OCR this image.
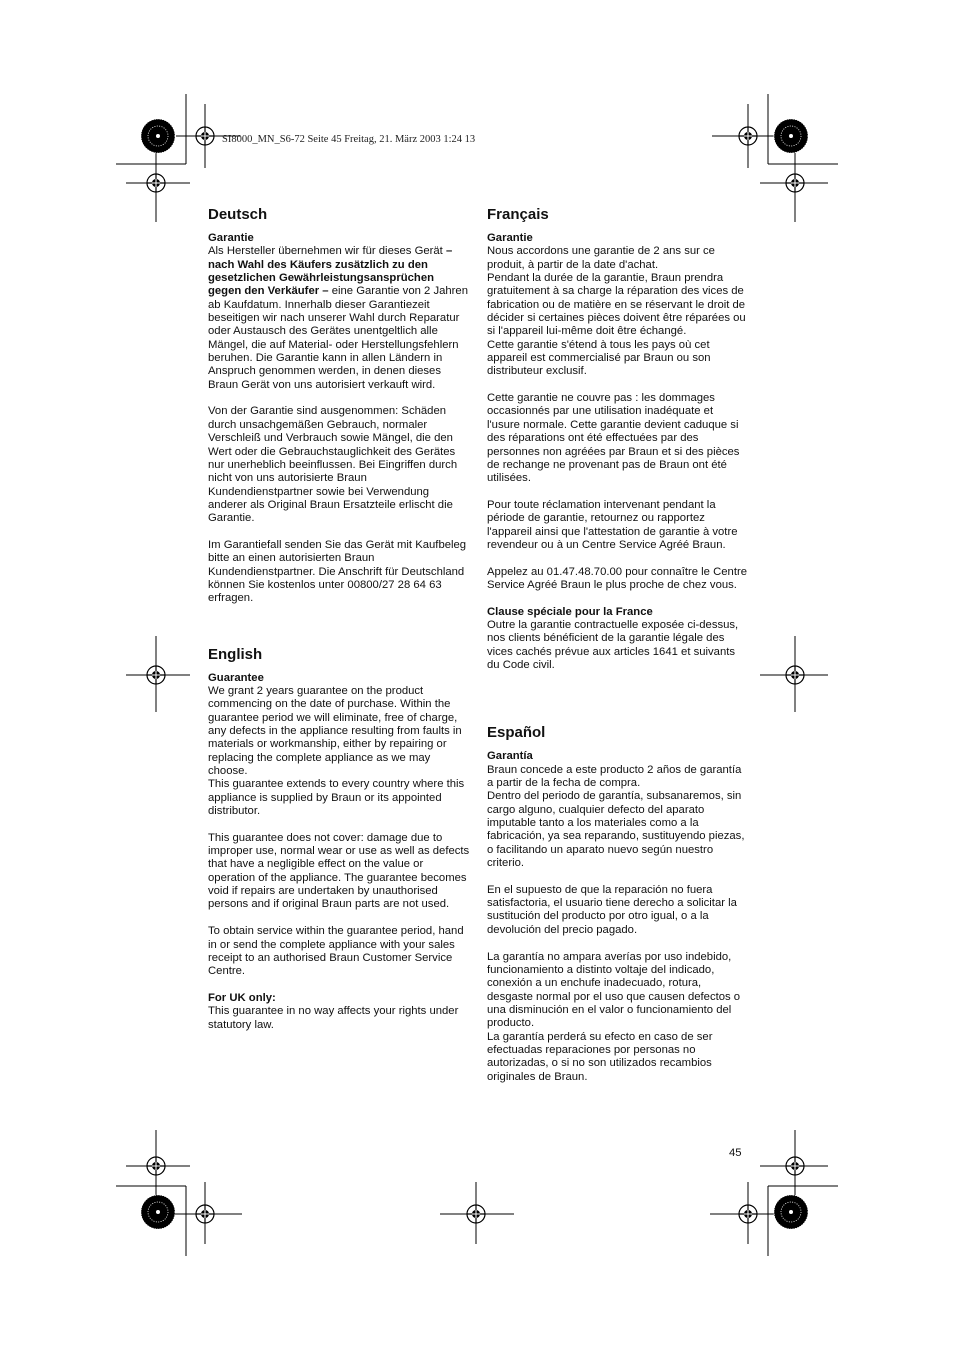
SI8000_MN_S6-72 Seite 45 Freitag, 21. März 2003 1:24 13
Deutsch
Garantie

Als Hersteller übernehmen wir für dieses Gerät – nach Wahl des Käufers zusätzlich zu den gesetzlichen Gewährleistungsansprüchen gegen den Verkäufer – eine Garantie von 2 Jahren ab Kaufdatum. Innerhalb dieser Garantiezeit beseitigen wir nach unserer Wahl durch Reparatur oder Austausch des Gerätes unentgeltlich alle Mängel, die auf Material- oder Herstellungsfehlern beruhen. Die Garantie kann in allen Ländern in Anspruch genommen werden, in denen dieses Braun Gerät von uns autorisiert verkauft wird.

Von der Garantie sind ausgenommen: Schäden durch unsachgemäßen Gebrauch, normaler Verschleiß und Verbrauch sowie Mängel, die den Wert oder die Gebrauchstauglichkeit des Gerätes nur unerheblich beeinflussen. Bei Eingriffen durch nicht von uns autorisierte Braun Kundendienstpartner sowie bei Verwendung anderer als Original Braun Ersatzteile erlischt die Garantie.

Im Garantiefall senden Sie das Gerät mit Kaufbeleg bitte an einen autorisierten Braun Kundendienstpartner. Die Anschrift für Deutschland können Sie kostenlos unter 00800/27 28 64 63 erfragen.

English
Guarantee

We grant 2 years guarantee on the product commencing on the date of purchase. Within the guarantee period we will eliminate, free of charge, any defects in the appliance resulting from faults in materials or workmanship, either by repairing or replacing the complete appliance as we may choose.

This guarantee extends to every country where this appliance is supplied by Braun or its appointed distributor.

This guarantee does not cover: damage due to improper use, normal wear or use as well as defects that have a negligible effect on the value or operation of the appliance. The guarantee becomes void if repairs are undertaken by unauthorised persons and if original Braun parts are not used.

To obtain service within the guarantee period, hand in or send the complete appliance with your sales receipt to an authorised Braun Customer Service Centre.

For UK only:

This guarantee in no way affects your rights under statutory law.

Français
Garantie

Nous accordons une garantie de 2 ans sur ce produit, à partir de la date d'achat.

Pendant la durée de la garantie, Braun prendra gratuitement à sa charge la réparation des vices de fabrication ou de matière en se réservant le droit de décider si certaines pièces doivent être réparées ou si l'appareil lui-même doit être échangé.

Cette garantie s'étend à tous les pays où cet appareil est commercialisé par Braun ou son distributeur exclusif.

Cette garantie ne couvre pas : les dommages occasionnés par une utilisation inadéquate et l'usure normale. Cette garantie devient caduque si des réparations ont été effectuées par des personnes non agréées par Braun et si des pièces de rechange ne provenant pas de Braun ont été utilisées.

Pour toute réclamation intervenant pendant la période de garantie, retournez ou rapportez l'appareil ainsi que l'attestation de garantie à votre revendeur ou à un Centre Service Agréé Braun.

Appelez au 01.47.48.70.00 pour connaître le Centre Service Agréé Braun le plus proche de chez vous.

Clause spéciale pour la France

Outre la garantie contractuelle exposée ci-dessus, nos clients bénéficient de la garantie légale des vices cachés prévue aux articles 1641 et suivants du Code civil.

Español
Garantía

Braun concede a este producto 2 años de garantía a partir de la fecha de compra.

Dentro del periodo de garantía, subsanaremos, sin cargo alguno, cualquier defecto del aparato imputable tanto a los materiales como a la fabricación, ya sea reparando, sustituyendo piezas, o facilitando un aparato nuevo según nuestro criterio.

En el supuesto de que la reparación no fuera satisfactoria, el usuario tiene derecho a solicitar la sustitución del producto por otro igual, o a la devolución del precio pagado.

La garantía no ampara averías por uso indebido, funcionamiento a distinto voltaje del indicado, conexión a un enchufe inadecuado, rotura, desgaste normal por el uso que causen defectos o una disminución en el valor o funcionamiento del producto.

La garantía perderá su efecto en caso de ser efectuadas reparaciones por personas no autorizadas, o si no son utilizados recambios originales de Braun.

45
